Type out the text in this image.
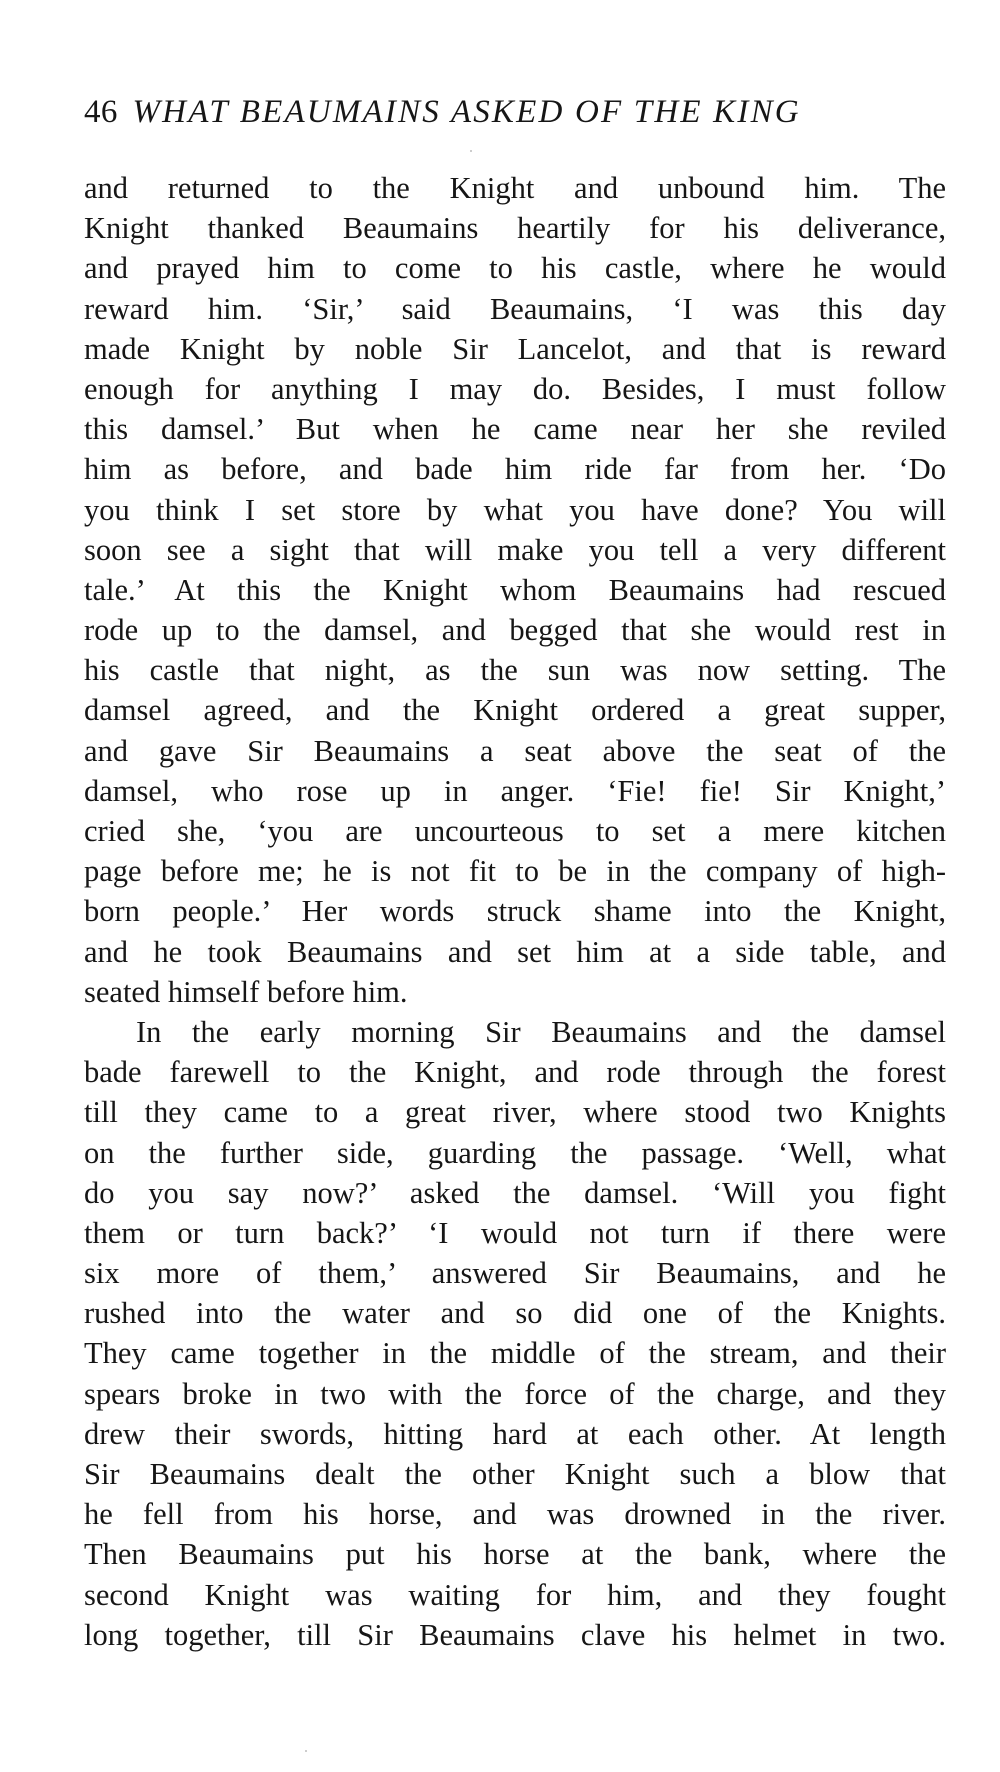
46 WHAT BEAUMAINS ASKED OF THE KING
and returned to the Knight and unbound him. The
Knight thanked Beaumains heartily for his deliverance,
and prayed him to come to his castle, where he would
reward him. ‘Sir,’ said Beaumains, ‘I was this day
made Knight by noble Sir Lancelot, and that is reward
enough for anything I may do. Besides, I must follow
this damsel.’ But when he came near her she reviled
him as before, and bade him ride far from her. ‘Do
you think I set store by what you have done? You will
soon see a sight that will make you tell a very different
tale.’ At this the Knight whom Beaumains had rescued
rode up to the damsel, and begged that she would rest in
his castle that night, as the sun was now setting. The
damsel agreed, and the Knight ordered a great supper,
and gave Sir Beaumains a seat above the seat of the
damsel, who rose up in anger. ‘Fie! fie! Sir Knight,’
cried she, ‘you are uncourteous to set a mere kitchen
page before me; he is not fit to be in the company of high-
born people.’ Her words struck shame into the Knight,
and he took Beaumains and set him at a side table, and
seated himself before him.
In the early morning Sir Beaumains and the damsel
bade farewell to the Knight, and rode through the forest
till they came to a great river, where stood two Knights
on the further side, guarding the passage. ‘Well, what
do you say now?’ asked the damsel. ‘Will you fight
them or turn back?’ ‘I would not turn if there were
six more of them,’ answered Sir Beaumains, and he
rushed into the water and so did one of the Knights.
They came together in the middle of the stream, and their
spears broke in two with the force of the charge, and they
drew their swords, hitting hard at each other. At length
Sir Beaumains dealt the other Knight such a blow that
he fell from his horse, and was drowned in the river.
Then Beaumains put his horse at the bank, where the
second Knight was waiting for him, and they fought
long together, till Sir Beaumains clave his helmet in two.
